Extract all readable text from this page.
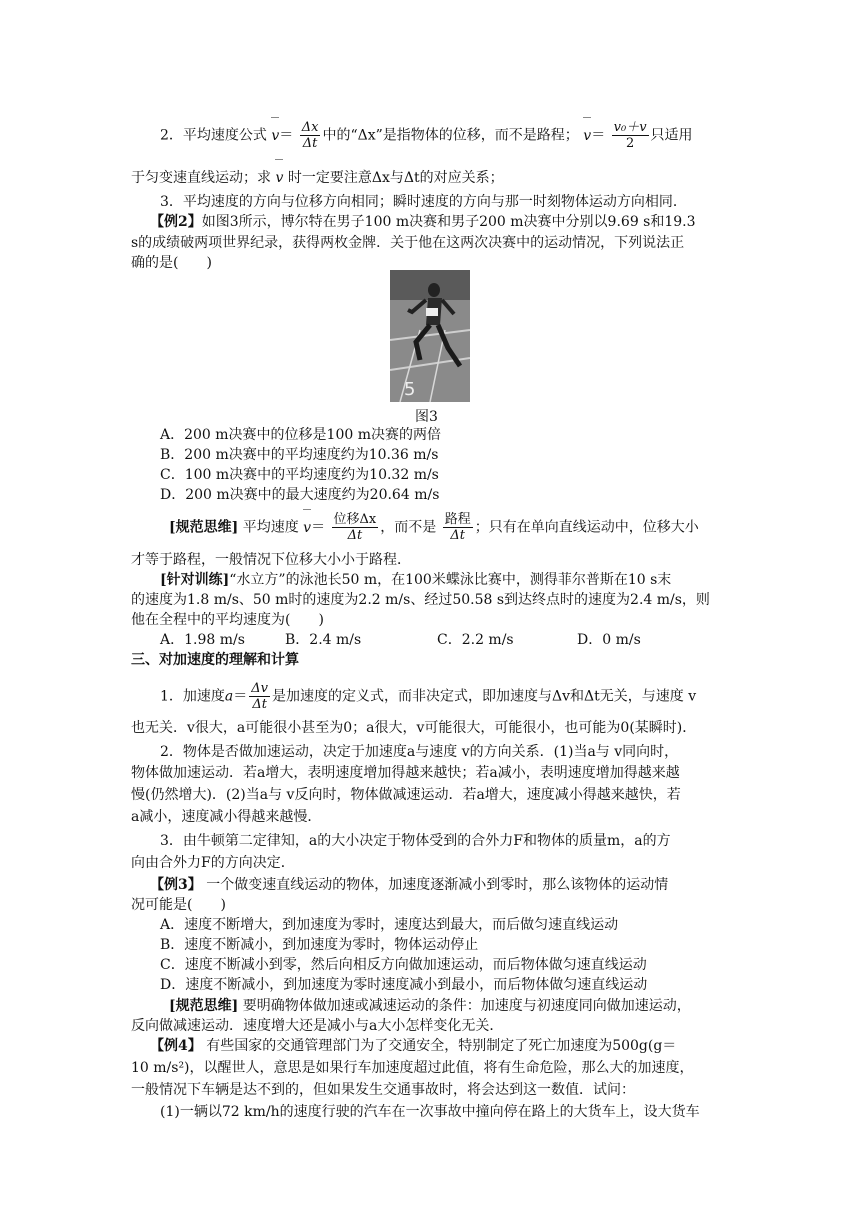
2．平均速度公式 $v= \frac{\Delta x}{\Delta t}$ 中的“Δx”是指物体的位移，而不是路程； $v= \frac{\text{v₀＋v}}{2}$ 只适用
于匀变速直线运动；求 v 时一定要注意Δx与Δt的对应关系；
3．平均速度的方向与位移方向相同；瞬时速度的方向与那一时刻物体运动方向相同．
【例2】如图3所示，博尔特在男子100 m决赛和男子200 m决赛中分别以9.69 s和19.3
s的成绩破两项世界纪录，获得两枚金牌．关于他在这两次决赛中的运动情况，下列说法正
确的是(　　)
5
图3
A．200 m决赛中的位移是100 m决赛的两倍
B．200 m决赛中的平均速度约为10.36 m/s
C．100 m决赛中的平均速度约为10.32 m/s
D．200 m决赛中的最大速度约为20.64 m/s
[规范思维] 平均速度 $v= \frac{\text{位移Δx}}{\Delta t}$ ，而不是 $\frac{\text{路程}}{\Delta t}$ ；只有在单向直线运动中，位移大小
才等于路程，一般情况下位移大小小于路程．
[针对训练]“水立方”的泳池长50 m，在100米蝶泳比赛中，测得菲尔普斯在10 s末
的速度为1.8 m/s、50 m时的速度为2.2 m/s、经过50.58 s到达终点时的速度为2.4 m/s，则
他在全程中的平均速度为(　　)
A．1.98 m/s	B．2.4 m/s	C．2.2 m/s	D．0 m/s
三、对加速度的理解和计算
1．加速度$a= \frac{\Delta v}{\Delta t}$ 是加速度的定义式，而非决定式，即加速度与Δv和Δt无关，与速度 v
也无关．v很大，a可能很小甚至为0；a很大，v可能很大，可能很小，也可能为0(某瞬时)．
2．物体是否做加速运动，决定于加速度a与速度 v的方向关系．(1)当a与 v同向时，
物体做加速运动．若a增大，表明速度增加得越来越快；若a减小，表明速度增加得越来越
慢(仍然增大)．(2)当a与 v反向时，物体做减速运动．若a增大，速度减小得越来越快，若
a减小，速度减小得越来越慢．
3．由牛顿第二定律知，a的大小决定于物体受到的合外力F和物体的质量m，a的方
向由合外力F的方向决定．
【例3】 一个做变速直线运动的物体，加速度逐渐减小到零时，那么该物体的运动情
况可能是(　　)
A．速度不断增大，到加速度为零时，速度达到最大，而后做匀速直线运动
B．速度不断减小，到加速度为零时，物体运动停止
C．速度不断减小到零，然后向相反方向做加速运动，而后物体做匀速直线运动
D．速度不断减小，到加速度为零时速度减小到最小，而后物体做匀速直线运动
[规范思维] 要明确物体做加速或减速运动的条件：加速度与初速度同向做加速运动，
反向做减速运动．速度增大还是减小与a大小怎样变化无关．
【例4】 有些国家的交通管理部门为了交通安全，特别制定了死亡加速度为500g(g＝
10 m/s²)，以醒世人，意思是如果行车加速度超过此值，将有生命危险，那么大的加速度，
一般情况下车辆是达不到的，但如果发生交通事故时，将会达到这一数值．试问：
(1)一辆以72 km/h的速度行驶的汽车在一次事故中撞向停在路上的大货车上，设大货车
